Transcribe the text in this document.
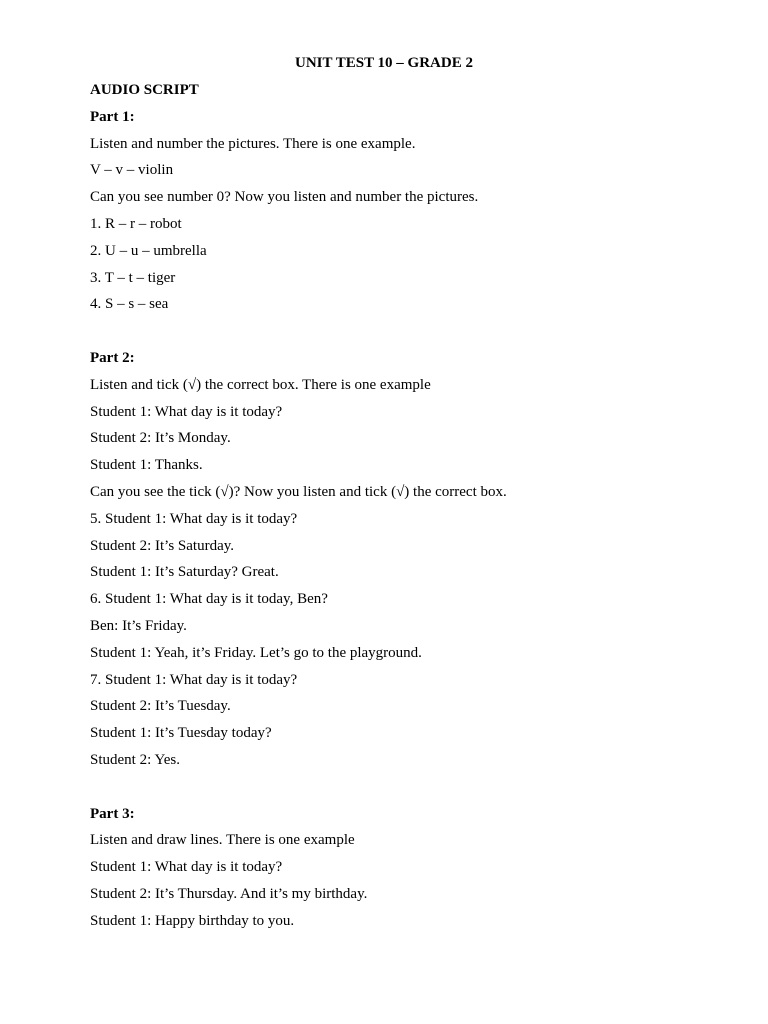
UNIT TEST 10 – GRADE 2
AUDIO SCRIPT
Part 1:
Listen and number the pictures. There is one example.
V – v – violin
Can you see number 0? Now you listen and number the pictures.
1. R – r – robot
2. U – u – umbrella
3. T – t – tiger
4. S – s – sea
Part 2:
Listen and tick (√) the correct box. There is one example
Student 1: What day is it today?
Student 2: It’s Monday.
Student 1: Thanks.
Can you see the tick (√)? Now you listen and tick (√) the correct box.
5. Student 1: What day is it today?
Student 2: It’s Saturday.
Student 1: It’s Saturday? Great.
6. Student 1: What day is it today, Ben?
Ben: It’s Friday.
Student 1: Yeah, it’s Friday. Let’s go to the playground.
7. Student 1: What day is it today?
Student 2: It’s Tuesday.
Student 1: It’s Tuesday today?
Student 2: Yes.
Part 3:
Listen and draw lines. There is one example
Student 1: What day is it today?
Student 2: It’s Thursday. And it’s my birthday.
Student 1: Happy birthday to you.
